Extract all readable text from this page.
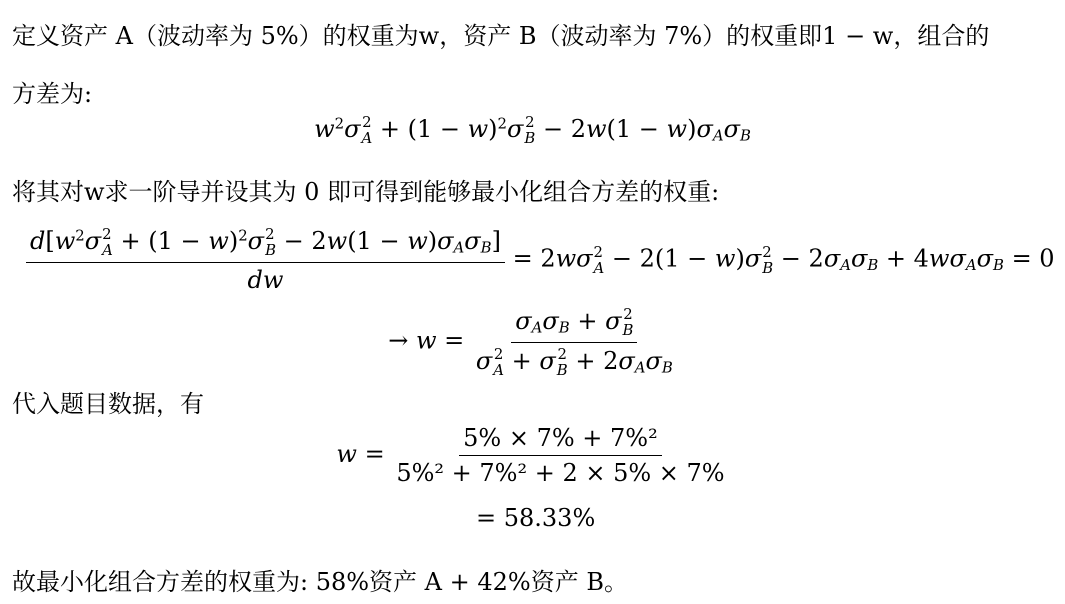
定义资产 A（波动率为 5%）的权重为w，资产 B（波动率为 7%）的权重即1 − w，组合的
方差为:
$w^2\sigma$ 2
$A + (1 - w)^2\sigma$ 2
$B - 2w(1 - w)\sigma_A\sigma_B$
将其对w求一阶导并设其为 0 即可得到能够最小化组合方差的权重:
$d[w^2\sigma$ 2
$A + (1 - w)^2\sigma$ 2
$B - 2w(1 - w)\sigma_A\sigma_B$]
dw = 2wσ 2
A − 2(1 − w)σ 2
$B - 2\sigma_A\sigma_B + 4w\sigma_A\sigma_B = 0$
→ $w = \sigma_A\sigma_B + \sigma$ 2
B
σ 2
A + σ 2
$B + 2\sigma_A\sigma_B$
代入题目数据，有
$w = \frac{\text{5\% × 7\% + 7\%²}}{\text{5\%² + 7\%² + 2 × 5\% × 7\%}}$
= 58.33%
故最小化组合方差的权重为: 58%资产 A + 42%资产 B。
